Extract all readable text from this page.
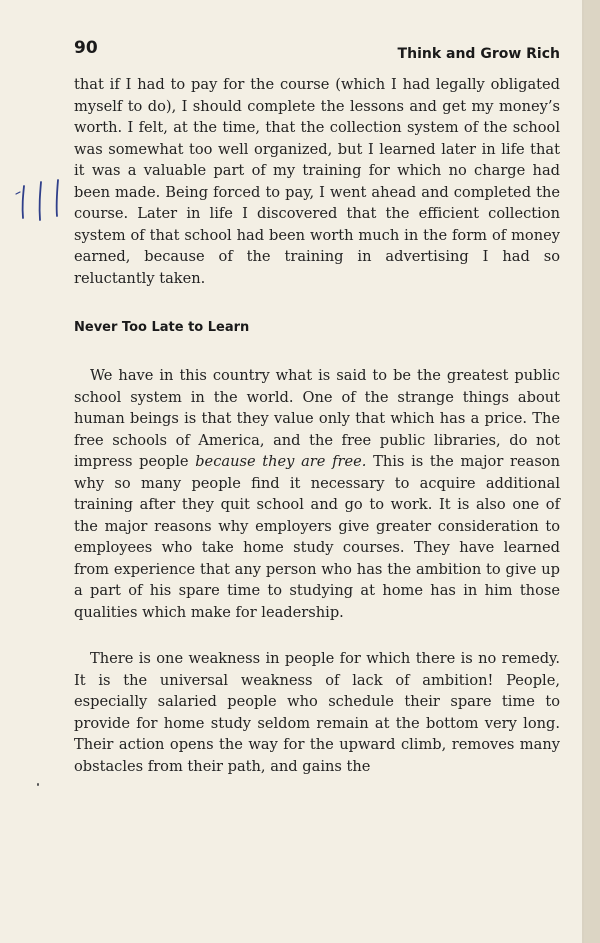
90	Think and Grow Rich
that if I had to pay for the course (which I had legally obligated myself to do), I should complete the lessons and get my money’s worth. I felt, at the time, that the collection system of the school was somewhat too well organized, but I learned later in life that it was a valuable part of my training for which no charge had been made. Being forced to pay, I went ahead and completed the course. Later in life I discovered that the efficient collection system of that school had been worth much in the form of money earned, because of the training in advertising I had so reluctantly taken.
Never Too Late to Learn
We have in this country what is said to be the greatest public school system in the world. One of the strange things about human beings is that they value only that which has a price. The free schools of America, and the free public libraries, do not impress people because they are free. This is the major reason why so many people find it necessary to acquire additional training after they quit school and go to work. It is also one of the major reasons why employers give greater consideration to employees who take home study courses. They have learned from experience that any person who has the ambition to give up a part of his spare time to studying at home has in him those qualities which make for leadership.
There is one weakness in people for which there is no remedy. It is the universal weakness of lack of ambition! People, especially salaried people who schedule their spare time to provide for home study seldom remain at the bottom very long. Their action opens the way for the upward climb, removes many obstacles from their path, and gains the
